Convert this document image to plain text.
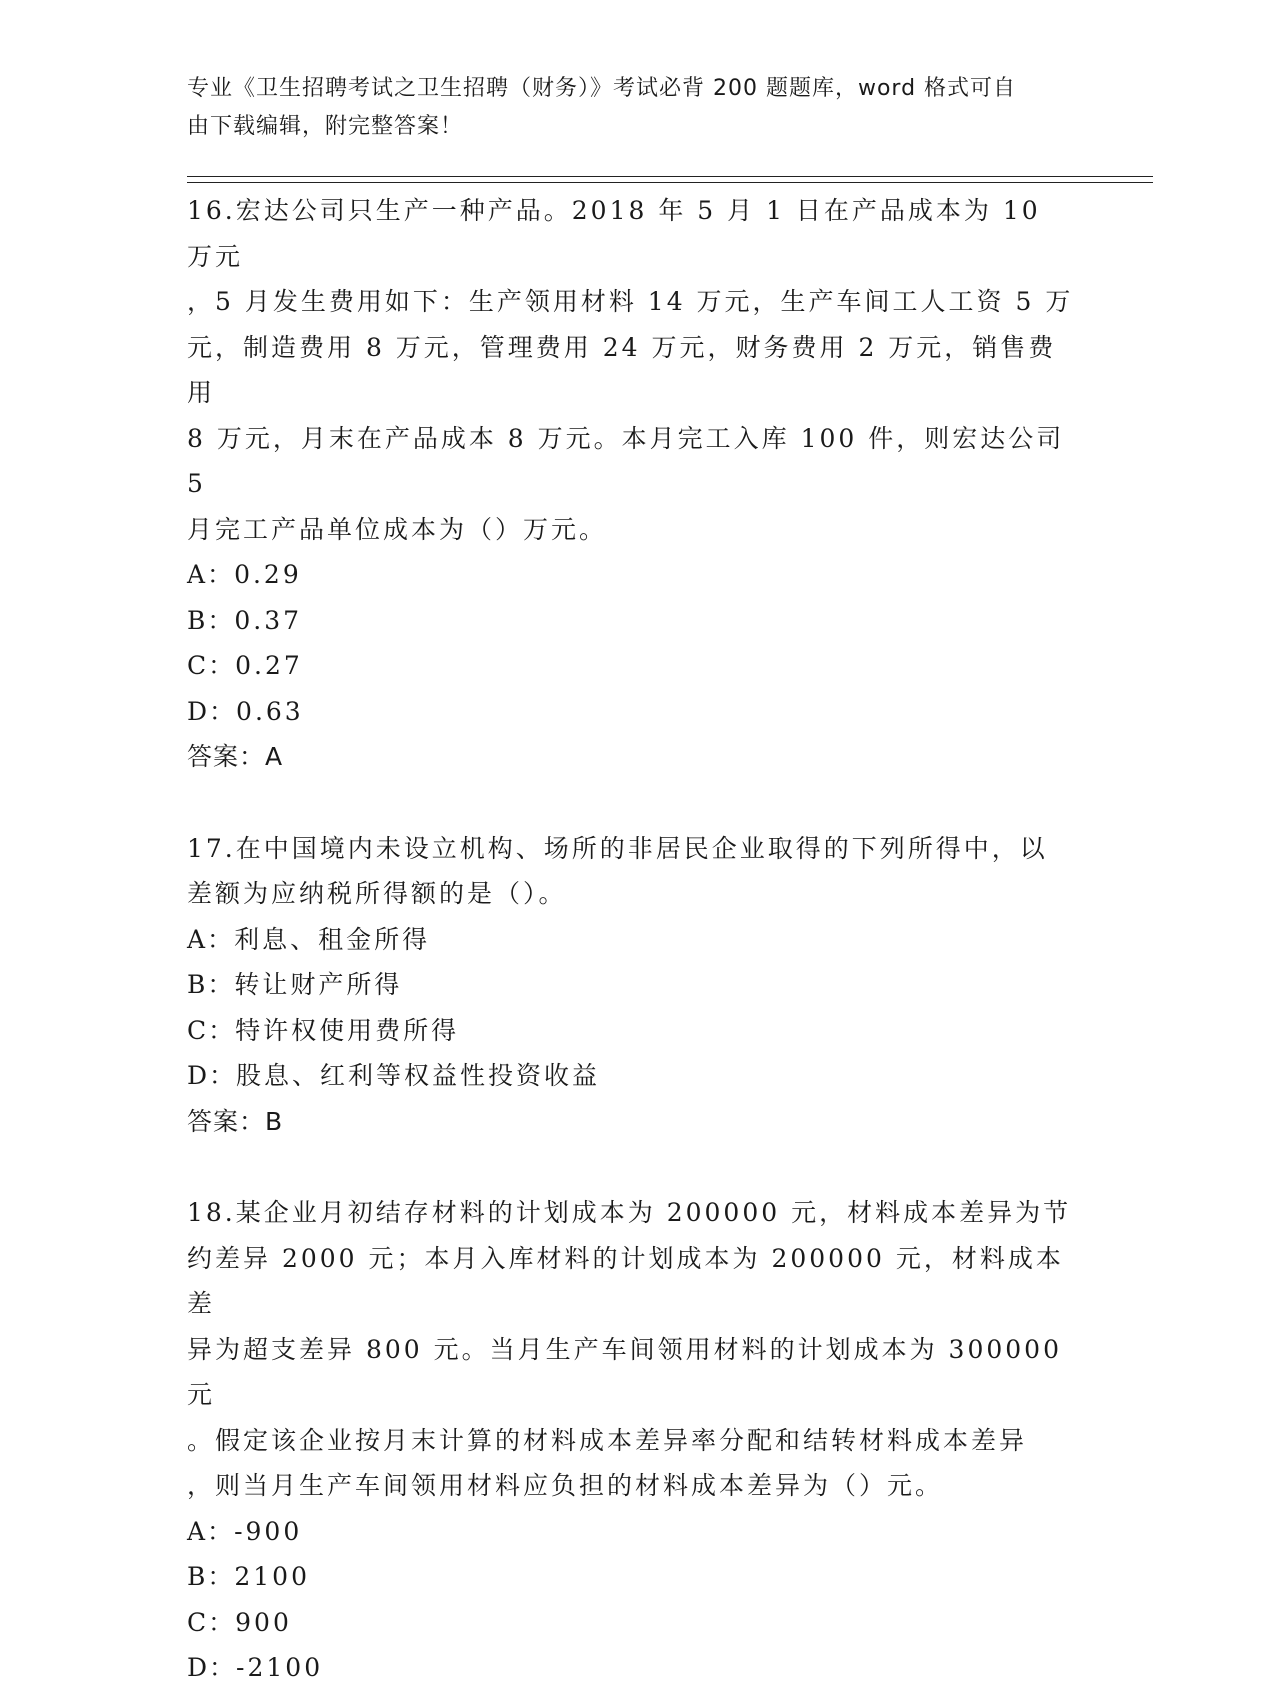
专业《卫生招聘考试之卫生招聘（财务）》考试必背 200 题题库，word 格式可自
由下载编辑，附完整答案！
16.宏达公司只生产一种产品。2018 年 5 月 1 日在产品成本为 10 万元
，5 月发生费用如下：生产领用材料 14 万元，生产车间工人工资 5 万
元，制造费用 8 万元，管理费用 24 万元，财务费用 2 万元，销售费用
8 万元，月末在产品成本 8 万元。本月完工入库 100 件，则宏达公司 5
月完工产品单位成本为（）万元。
A：0.29
B：0.37
C：0.27
D：0.63
答案：A
17.在中国境内未设立机构、场所的非居民企业取得的下列所得中，以
差额为应纳税所得额的是（）。
A：利息、租金所得
B：转让财产所得
C：特许权使用费所得
D：股息、红利等权益性投资收益
答案：B
18.某企业月初结存材料的计划成本为 200000 元，材料成本差异为节
约差异 2000 元；本月入库材料的计划成本为 200000 元，材料成本差
异为超支差异 800 元。当月生产车间领用材料的计划成本为 300000 元
。假定该企业按月末计算的材料成本差异率分配和结转材料成本差异
，则当月生产车间领用材料应负担的材料成本差异为（）元。
A：-900
B：2100
C：900
D：-2100
